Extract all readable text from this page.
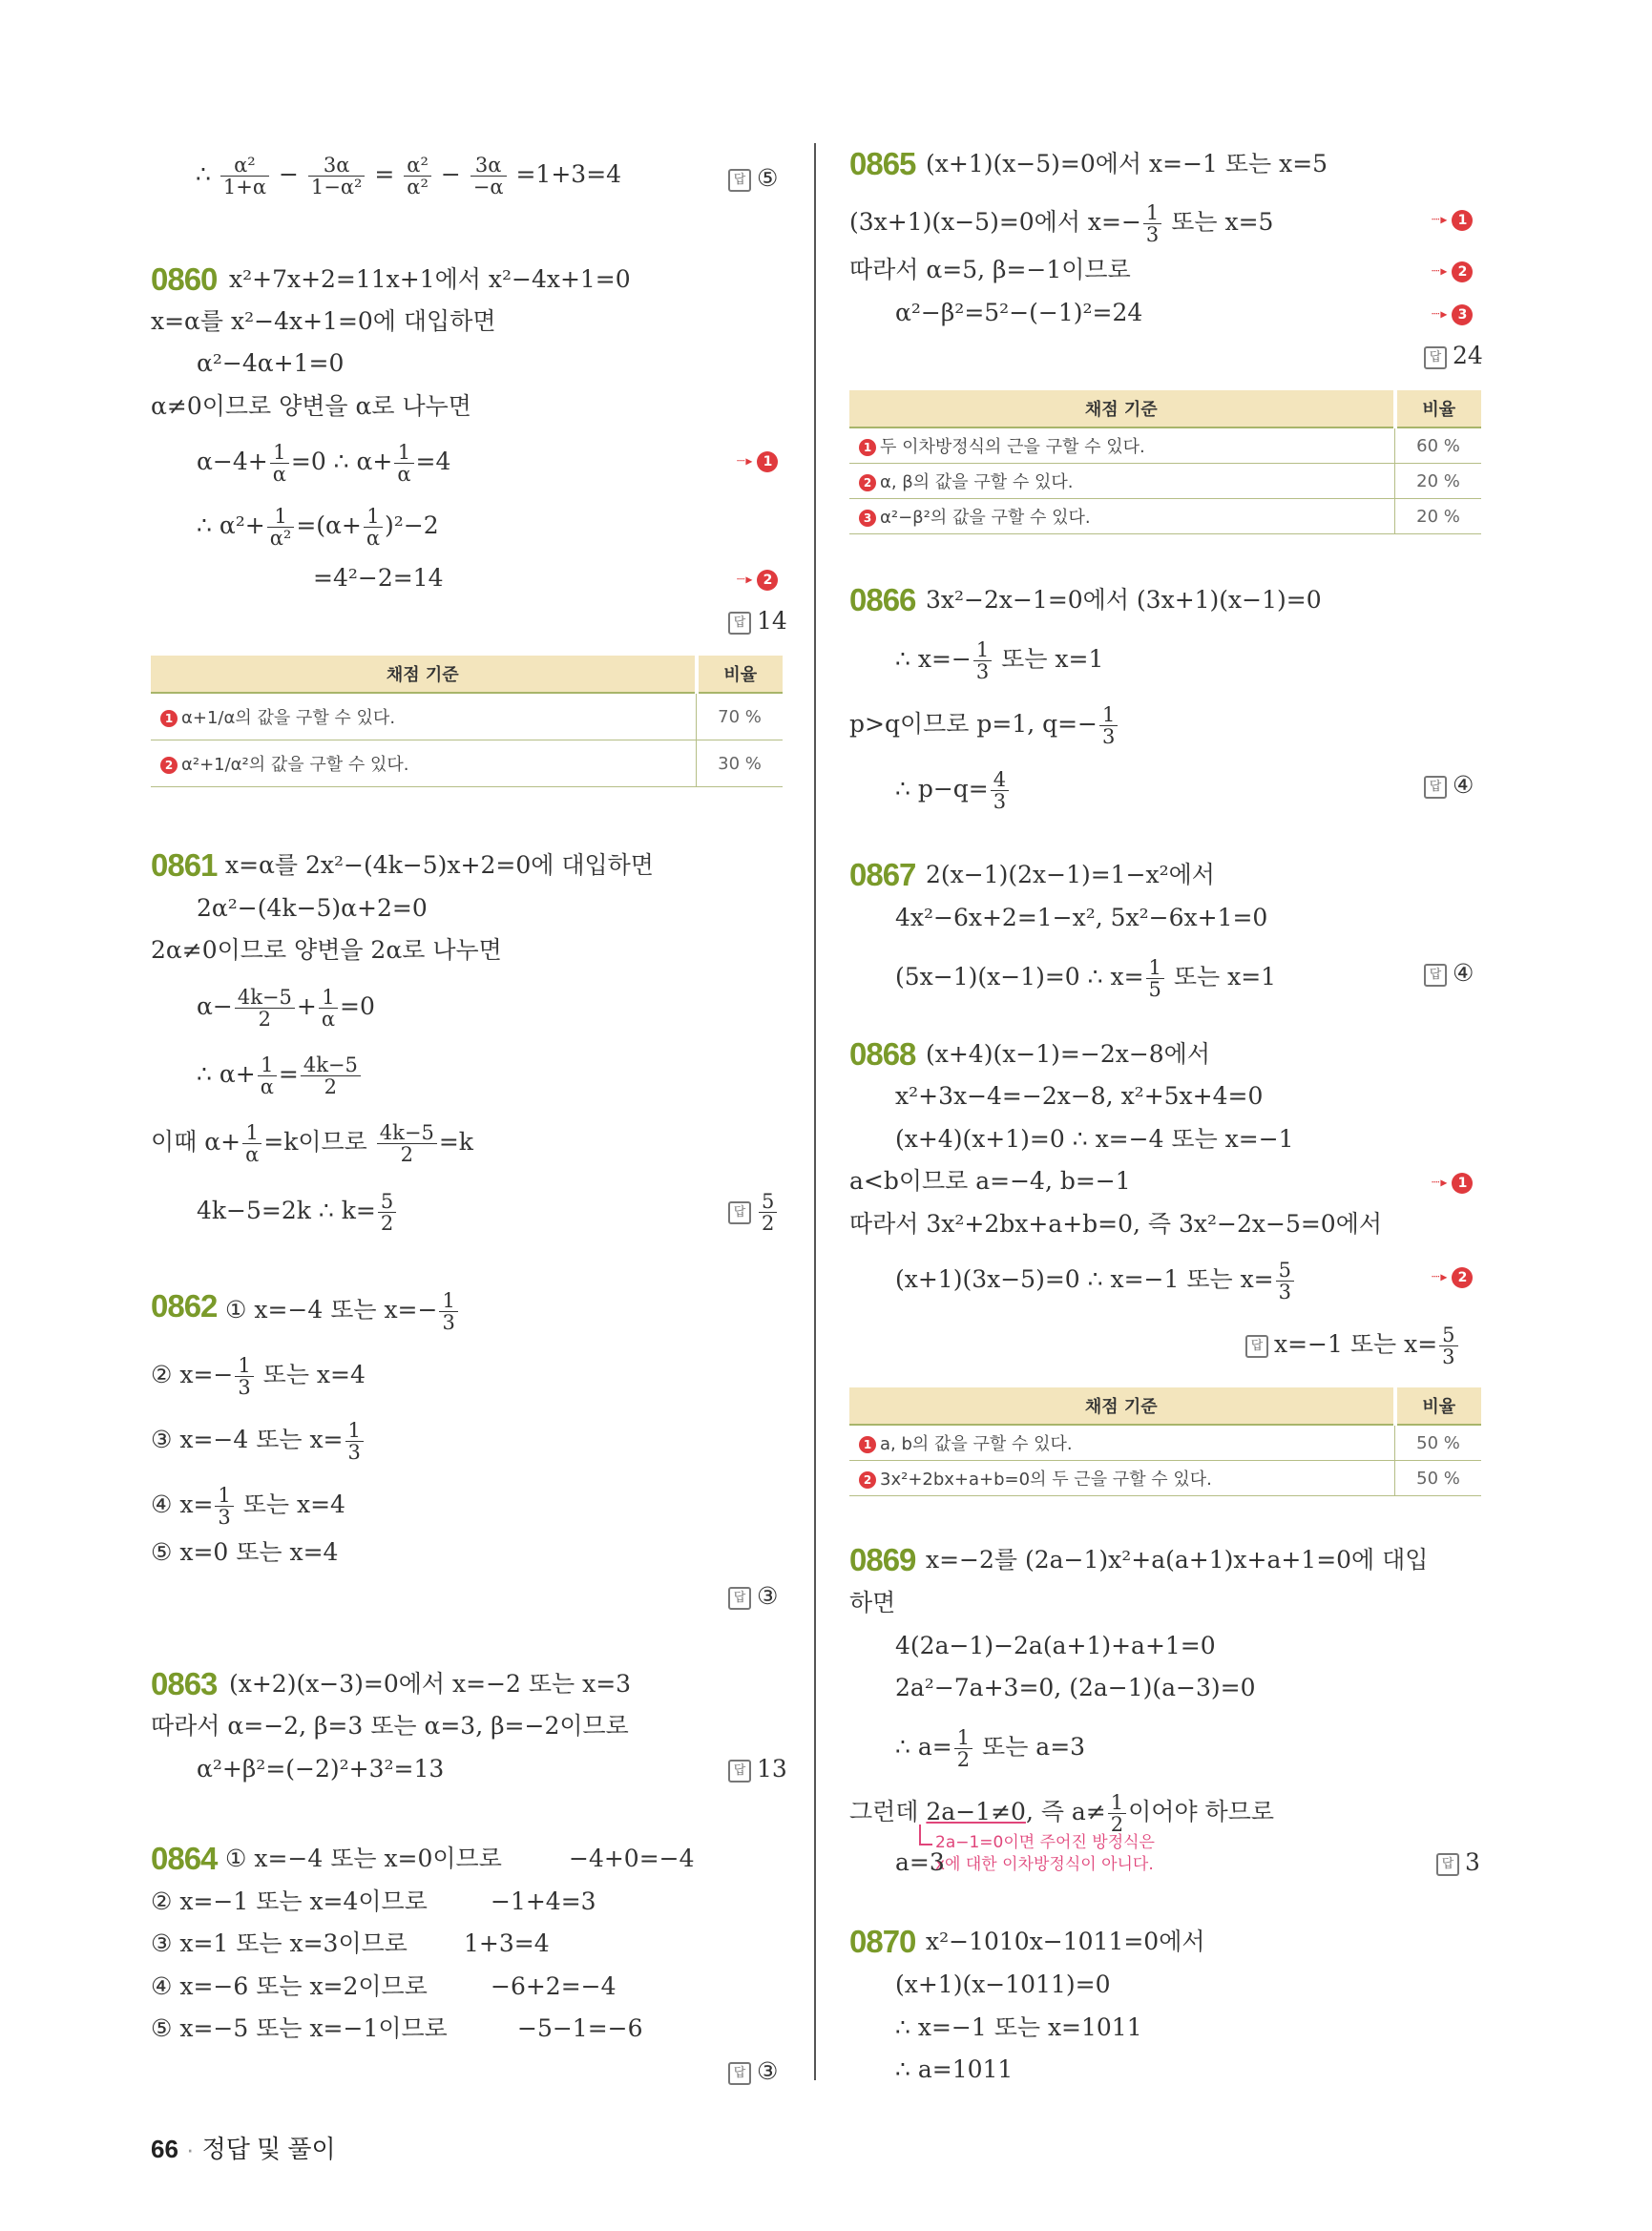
∴ $\frac{\text{α²}}{1+\alpha} - \frac{3\alpha}{\text{1−α²}} = \frac{\text{α²}}{\text{α²}} - \frac{3\alpha}{-\alpha} =1+3=4$	답 ⑤
0860 x²+7x+2=11x+1에서 x²−4x+1=0
x=α를 x²−4x+1=0에 대입하면
α²−4α+1=0
α≠0이므로 양변을 α로 나누면
$\alpha-4+ \frac{1}{\alpha} =0$ ∴ $\alpha+ \frac{1}{\alpha} =4$	┈▸ 1
∴ $\alpha^2+ \frac{1}{\text{α²}} =(\alpha+ \frac{1}{\alpha} )^2-2$
=4²−2=14	┈▸ 2
답 14
채점 기준	비율
1 α+1/α의 값을 구할 수 있다.	70 %
2 α²+1/α²의 값을 구할 수 있다.	30 %
0861 x=α를 2x²−(4k−5)x+2=0에 대입하면
2α²−(4k−5)α+2=0
2α≠0이므로 양변을 2α로 나누면
$\alpha- \frac{4k-5}{2} + \frac{1}{\alpha} =0$
∴ $\alpha+ \frac{1}{\alpha} = \frac{4k-5}{2}$
이때 $\alpha+ \frac{1}{\alpha} =k$이므로 $\frac{4k-5}{2} =k$
4k−5=2k ∴ $k= \frac{5}{2}$	답 $\frac{5}{2}$
0862 ① x=−4 또는 $x=- \frac{1}{3}$
② $x=- \frac{1}{3}$ 또는 x=4
③ x=−4 또는 $x= \frac{1}{3}$
④ $x= \frac{1}{3}$ 또는 x=4
⑤ x=0 또는 x=4
답 ③
0863 (x+2)(x−3)=0에서 x=−2 또는 x=3
따라서 α=−2, β=3 또는 α=3, β=−2이므로
α²+β²=(−2)²+3²=13	답 13
0864 ① x=−4 또는 x=0이므로	−4+0=−4
② x=−1 또는 x=4이므로	−1+4=3
③ x=1 또는 x=3이므로 1+3=4
④ x=−6 또는 x=2이므로	−6+2=−4
⑤ x=−5 또는 x=−1이므로	−5−1=−6
답 ③
0865 (x+1)(x−5)=0에서 x=−1 또는 x=5
(3x+1)(x−5)=0에서 $x=- \frac{1}{3}$ 또는 x=5	┈▸ 1
따라서 α=5, β=−1이므로	┈▸ 2
α²−β²=5²−(−1)²=24	┈▸ 3
답 24
채점 기준	비율
1 두 이차방정식의 근을 구할 수 있다.	60 %
2 α, β의 값을 구할 수 있다.	20 %
3 α²−β²의 값을 구할 수 있다.	20 %
0866 3x²−2x−1=0에서 (3x+1)(x−1)=0
∴ $x=- \frac{1}{3}$ 또는 x=1
p>q이므로 p=1, $q=- \frac{1}{3}$
∴ $p-q= \frac{4}{3}$	답 ④
0867 2(x−1)(2x−1)=1−x²에서
4x²−6x+2=1−x², 5x²−6x+1=0
(5x−1)(x−1)=0 ∴ $x= \frac{1}{5}$ 또는 x=1	답 ④
0868 (x+4)(x−1)=−2x−8에서
x²+3x−4=−2x−8, x²+5x+4=0
(x+4)(x+1)=0 ∴ x=−4 또는 x=−1
a<b이므로 a=−4, b=−1	┈▸ 1
따라서 3x²+2bx+a+b=0, 즉 3x²−2x−5=0에서
(x+1)(3x−5)=0 ∴ x=−1 또는 $x= \frac{5}{3}$	┈▸ 2
답 x=−1 또는 $x= \frac{5}{3}$
채점 기준	비율
1 a, b의 값을 구할 수 있다.	50 %
2 3x²+2bx+a+b=0의 두 근을 구할 수 있다.	50 %
0869 x=−2를 (2a−1)x²+a(a+1)x+a+1=0에 대입
하면
4(2a−1)−2a(a+1)+a+1=0
2a²−7a+3=0, (2a−1)(a−3)=0
∴ $a= \frac{1}{2}$ 또는 a=3
그런데 2a−1≠0, 즉 $a\ne \frac{1}{2}$ 이어야 하므로
2a−1=0이면 주어진 방정식은
x에 대한 이차방정식이 아니다.
a=3	답 3
0870 x²−1010x−1011=0에서
(x+1)(x−1011)=0
∴ x=−1 또는 x=1011
∴ a=1011
66 · 정답 및 풀이
